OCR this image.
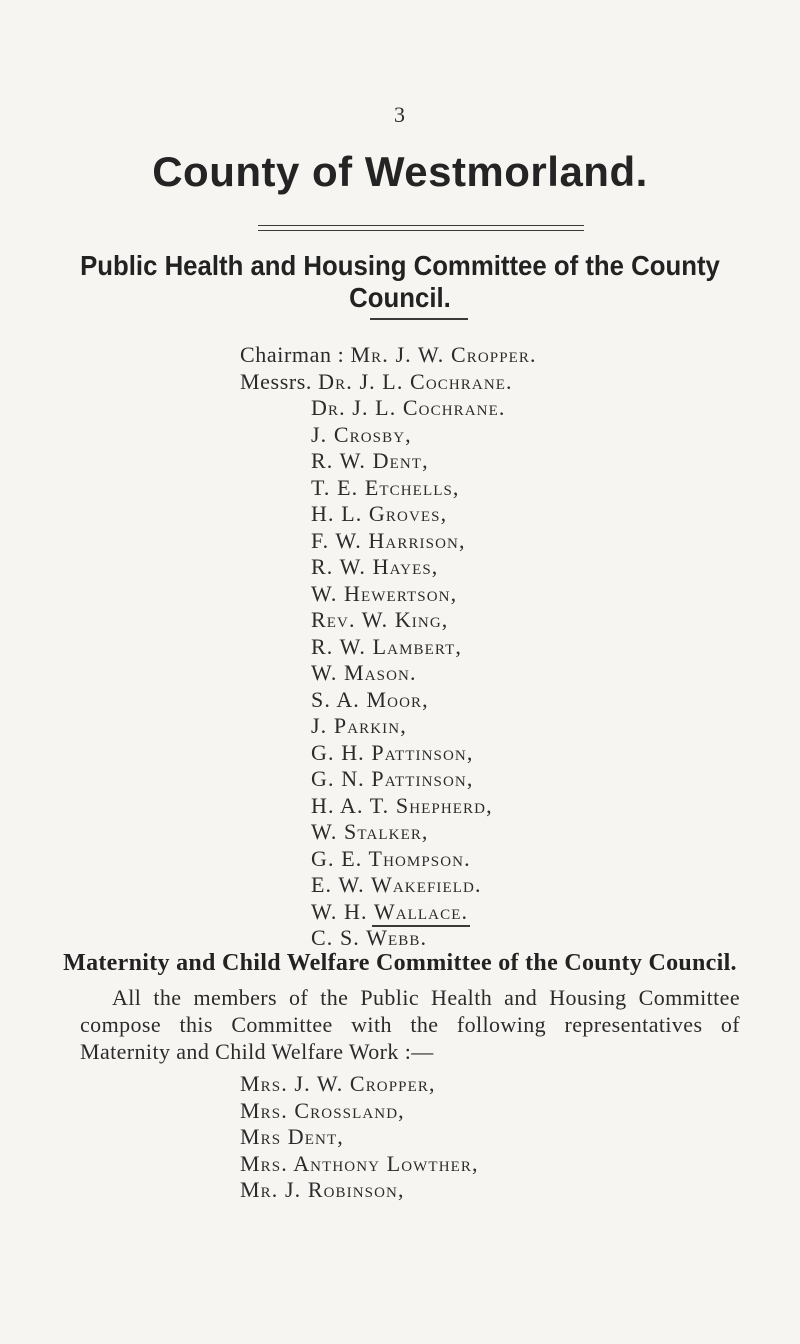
3
County of Westmorland.
Public Health and Housing Committee of the County Council.
Chairman : Mr. J. W. Cropper.
Messrs. Dr. J. L. Cochrane.
Dr. J. L. Cochrane.
J. Crosby,
R. W. Dent,
T. E. Etchells,
H. L. Groves,
F. W. Harrison,
R. W. Hayes,
W. Hewertson,
Rev. W. King,
R. W. Lambert,
W. Mason.
S. A. Moor,
J. Parkin,
G. H. Pattinson,
G. N. Pattinson,
H. A. T. Shepherd,
W. Stalker,
G. E. Thompson.
E. W. Wakefield.
W. H. Wallace.
C. S. Webb.
Maternity and Child Welfare Committee of the County Council.
All the members of the Public Health and Housing Committee compose this Committee with the following representatives of Maternity and Child Welfare Work :—
Mrs. J. W. Cropper,
Mrs. Crossland,
Mrs Dent,
Mrs. Anthony Lowther,
Mr. J. Robinson,
